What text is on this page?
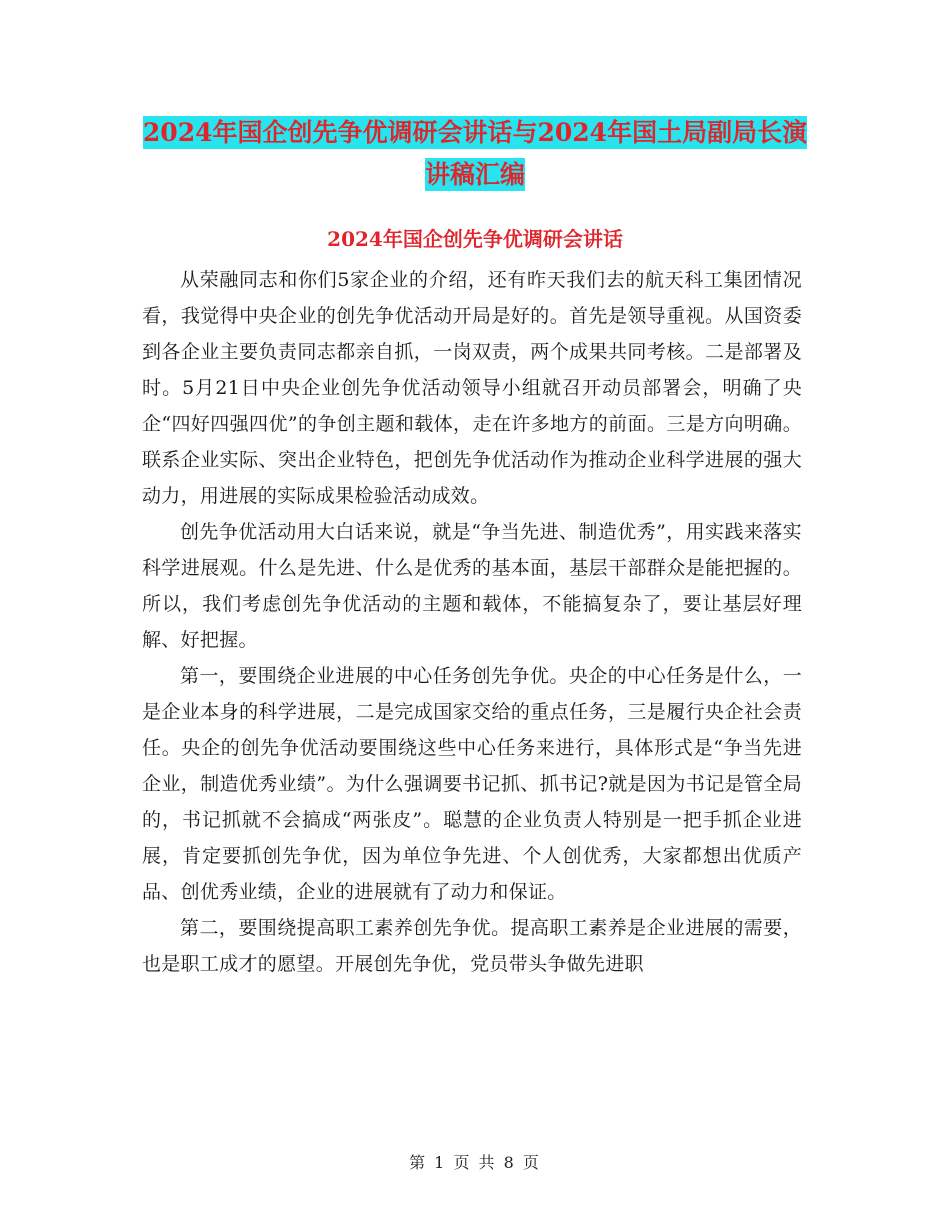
2024年国企创先争优调研会讲话与2024年国土局副局长演讲稿汇编
2024年国企创先争优调研会讲话

从荣融同志和你们5家企业的介绍，还有昨天我们去的航天科工集团情况看，我觉得中央企业的创先争优活动开局是好的。首先是领导重视。从国资委到各企业主要负责同志都亲自抓，一岗双责，两个成果共同考核。二是部署及时。5月21日中央企业创先争优活动领导小组就召开动员部署会，明确了央企“四好四强四优”的争创主题和载体，走在许多地方的前面。三是方向明确。联系企业实际、突出企业特色，把创先争优活动作为推动企业科学进展的强大动力，用进展的实际成果检验活动成效。

创先争优活动用大白话来说，就是“争当先进、制造优秀”，用实践来落实科学进展观。什么是先进、什么是优秀的基本面，基层干部群众是能把握的。所以，我们考虑创先争优活动的主题和载体，不能搞复杂了，要让基层好理解、好把握。

第一，要围绕企业进展的中心任务创先争优。央企的中心任务是什么，一是企业本身的科学进展，二是完成国家交给的重点任务，三是履行央企社会责任。央企的创先争优活动要围绕这些中心任务来进行，具体形式是“争当先进企业，制造优秀业绩”。为什么强调要书记抓、抓书记?就是因为书记是管全局的，书记抓就不会搞成“两张皮”。聪慧的企业负责人特别是一把手抓企业进展，肯定要抓创先争优，因为单位争先进、个人创优秀，大家都想出优质产品、创优秀业绩，企业的进展就有了动力和保证。

第二，要围绕提高职工素养创先争优。提高职工素养是企业进展的需要，也是职工成才的愿望。开展创先争优，党员带头争做先进职

第 1 页 共 8 页
